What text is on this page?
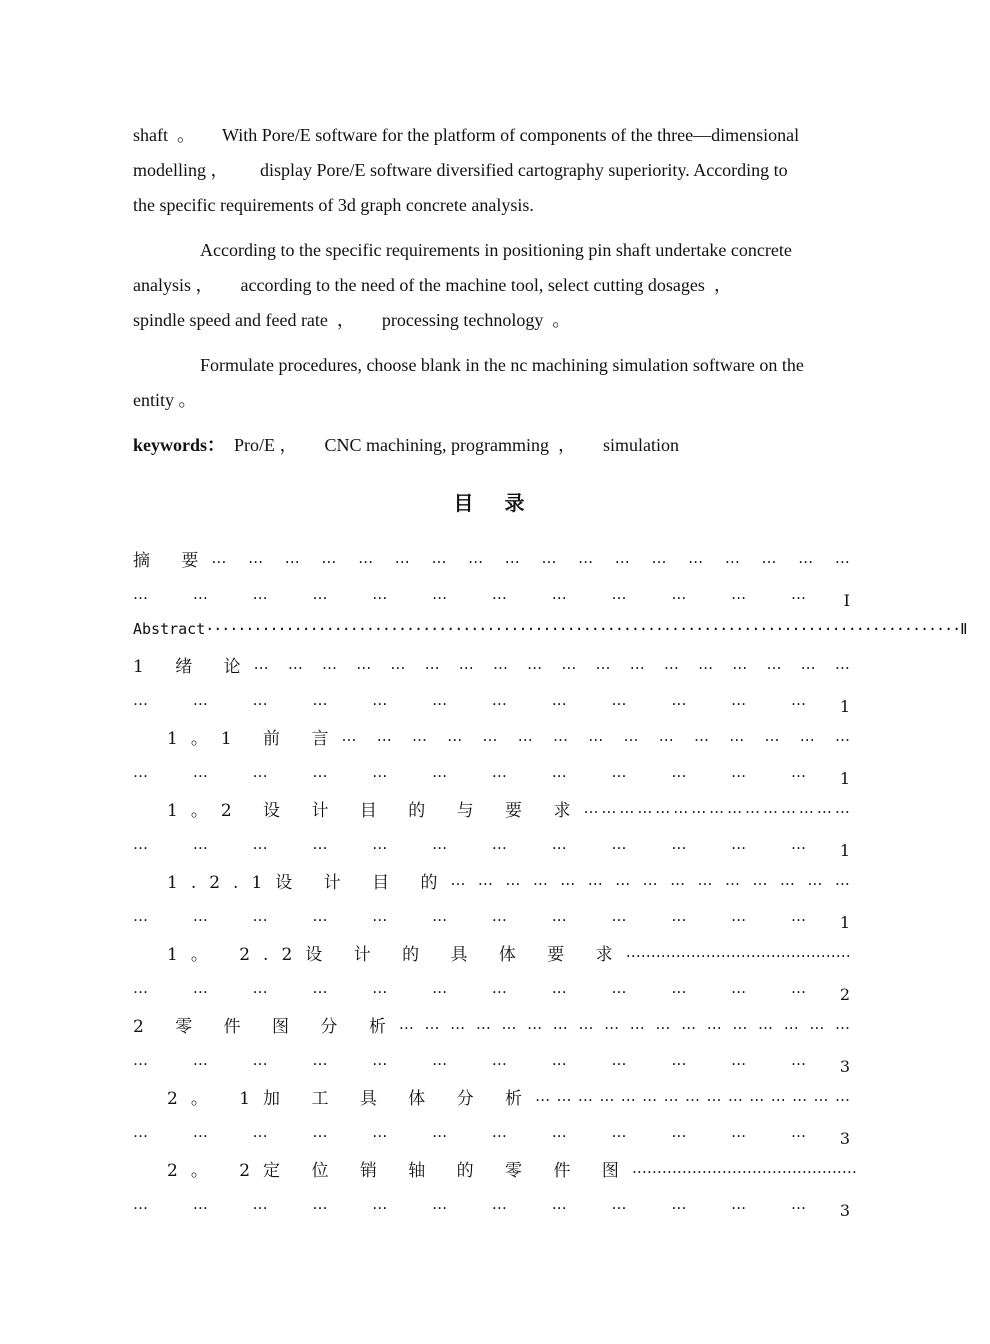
shaft  。      With Pore/E software for the platform of components of the three—dimensional
modelling ，       display Pore/E software diversified cartography superiority. According to
the specific requirements of 3d graph concrete analysis.

According to the specific requirements in positioning pin shaft undertake concrete
analysis ，      according to the need of the machine tool, select cutting dosages  ，
spindle speed and feed rate  ，      processing technology  。

Formulate procedures, choose blank in the nc machining simulation software on the
entity 。

keywords：  Pro/E ，      CNC machining, programming  ，      simulation

目 录
摘 要 … … … … … … … … … … … … … … … … … …
…	…	…	…	…	…	…	…	…	…	…	…	Ⅰ
Abstract ······························································································ Ⅱ
1 绪 论 … … … … … … … … … … … … … … … … … …
…	…	…	…	…	…	…	…	…	…	…	… 1
1。1 前 言 … … … … … … … … … … … … … … …
…	…	…	…	…	…	…	…	…	…	…	… 1
1。2 设 计 目 的 与 要 求 … … … … … … … … … … … … … … …
…	…	…	…	…	…	…	…	…	…	…	… 1
1.2.1设 计 目 的 … … … … … … … … … … … … … … …
…	…	…	…	…	…	…	…	…	…	…	… 1
1。 2.2设 计 的 具 体 要 求 … … … … … … … … … … … … … … …
…	…	…	…	…	…	…	…	…	…	…	… 2
2 零 件 图 分 析 … … … … … … … … … … … … … … … … … …
…	…	…	…	…	…	…	…	…	…	…	… 3
2。 1加 工 具 体 分 析 … … … … … … … … … … … … … … …
…	…	…	…	…	…	…	…	…	…	…	… 3
2。 2定 位 销 轴 的 零 件 图 … … … … … … … … … … … … … … …
…	…	…	…	…	…	…	…	…	…	…	… 3
